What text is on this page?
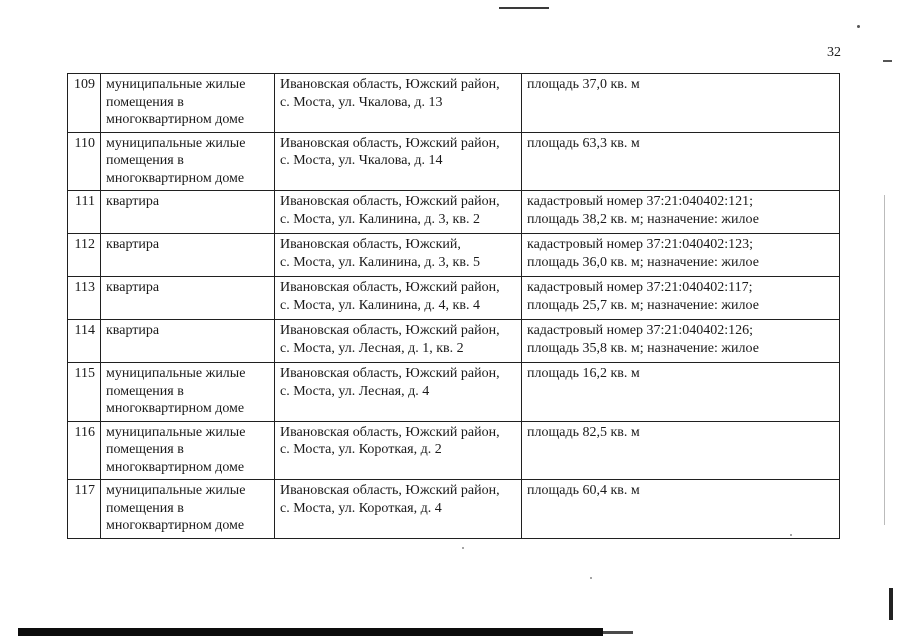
32
109	муниципальные жилые
помещения в
многоквартирном доме	Ивановская область, Южский район,
с. Моста, ул. Чкалова, д. 13	площадь 37,0 кв. м

110	муниципальные жилые
помещения в
многоквартирном доме	Ивановская область, Южский район,
с. Моста, ул. Чкалова, д. 14	площадь 63,3 кв. м

111	квартира	Ивановская область, Южский район,
с. Моста, ул. Калинина, д. 3, кв. 2	кадастровый номер 37:21:040402:121;
площадь 38,2 кв. м; назначение: жилое

112	квартира	Ивановская область, Южский,
с. Моста, ул. Калинина, д. 3, кв. 5	кадастровый номер 37:21:040402:123;
площадь 36,0 кв. м; назначение: жилое

113	квартира	Ивановская область, Южский район,
с. Моста, ул. Калинина, д. 4, кв. 4	кадастровый номер 37:21:040402:117;
площадь 25,7 кв. м; назначение: жилое

114	квартира	Ивановская область, Южский район,
с. Моста, ул. Лесная, д. 1, кв. 2	кадастровый номер 37:21:040402:126;
площадь 35,8 кв. м; назначение: жилое

115	муниципальные жилые
помещения в
многоквартирном доме	Ивановская область, Южский район,
с. Моста, ул. Лесная, д. 4	площадь 16,2 кв. м

116	муниципальные жилые
помещения в
многоквартирном доме	Ивановская область, Южский район,
с. Моста, ул. Короткая, д. 2	площадь 82,5 кв. м

117	муниципальные жилые
помещения в
многоквартирном доме	Ивановская область, Южский район,
с. Моста, ул. Короткая, д. 4	площадь 60,4 кв. м
